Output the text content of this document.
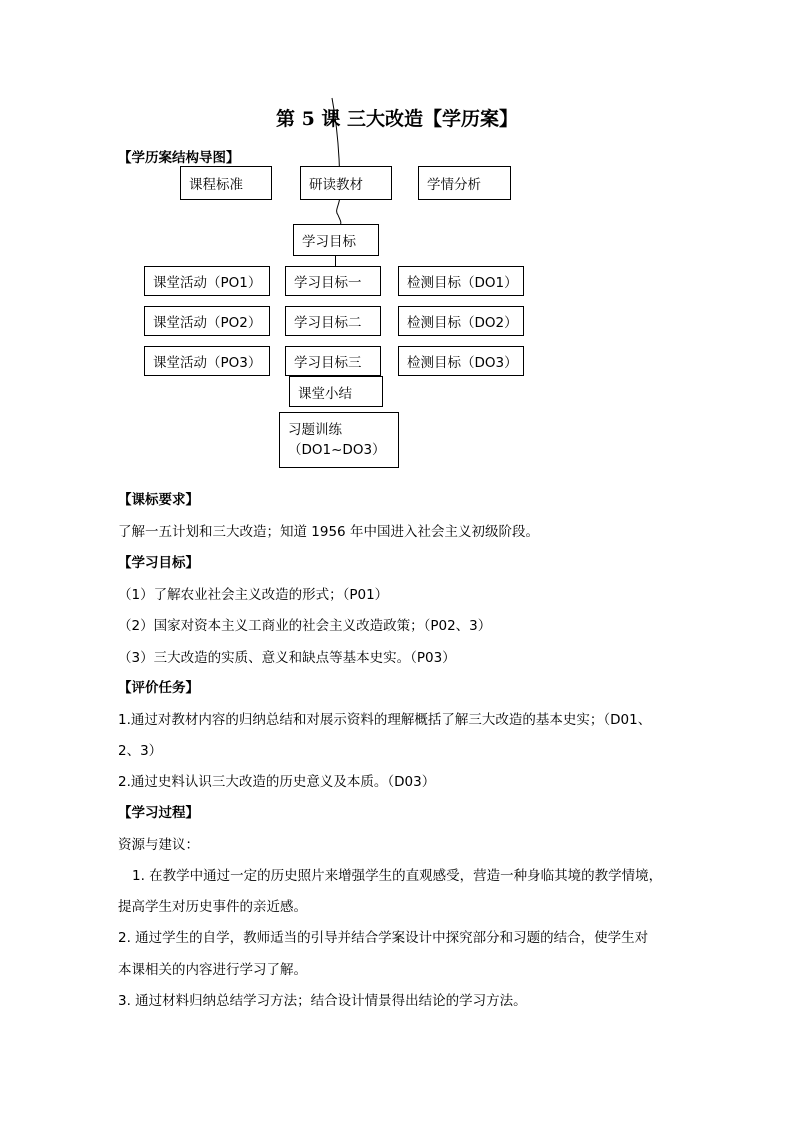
第 5 课 三大改造【学历案】
【学历案结构导图】
课程标准	研读教材	学情分析
学习目标
课堂活动（PO1）	学习目标一	检测目标（DO1）
课堂活动（PO2）	学习目标二	检测目标（DO2）
课堂活动（PO3）	学习目标三	检测目标（DO3）
课堂小结
习题训练
（DO1~DO3）
【课标要求】
了解一五计划和三大改造；知道 1956 年中国进入社会主义初级阶段。
【学习目标】
（1）了解农业社会主义改造的形式；（P01）
（2）国家对资本主义工商业的社会主义改造政策；（P02、3）
（3）三大改造的实质、意义和缺点等基本史实。（P03）
【评价任务】
1.通过对教材内容的归纳总结和对展示资料的理解概括了解三大改造的基本史实；（D01、
2、3）
2.通过史料认识三大改造的历史意义及本质。（D03）
【学习过程】
资源与建议：
1. 在教学中通过一定的历史照片来增强学生的直观感受，营造一种身临其境的教学情境，
提高学生对历史事件的亲近感。
2. 通过学生的自学，教师适当的引导并结合学案设计中探究部分和习题的结合，使学生对
本课相关的内容进行学习了解。
3. 通过材料归纳总结学习方法；结合设计情景得出结论的学习方法。
